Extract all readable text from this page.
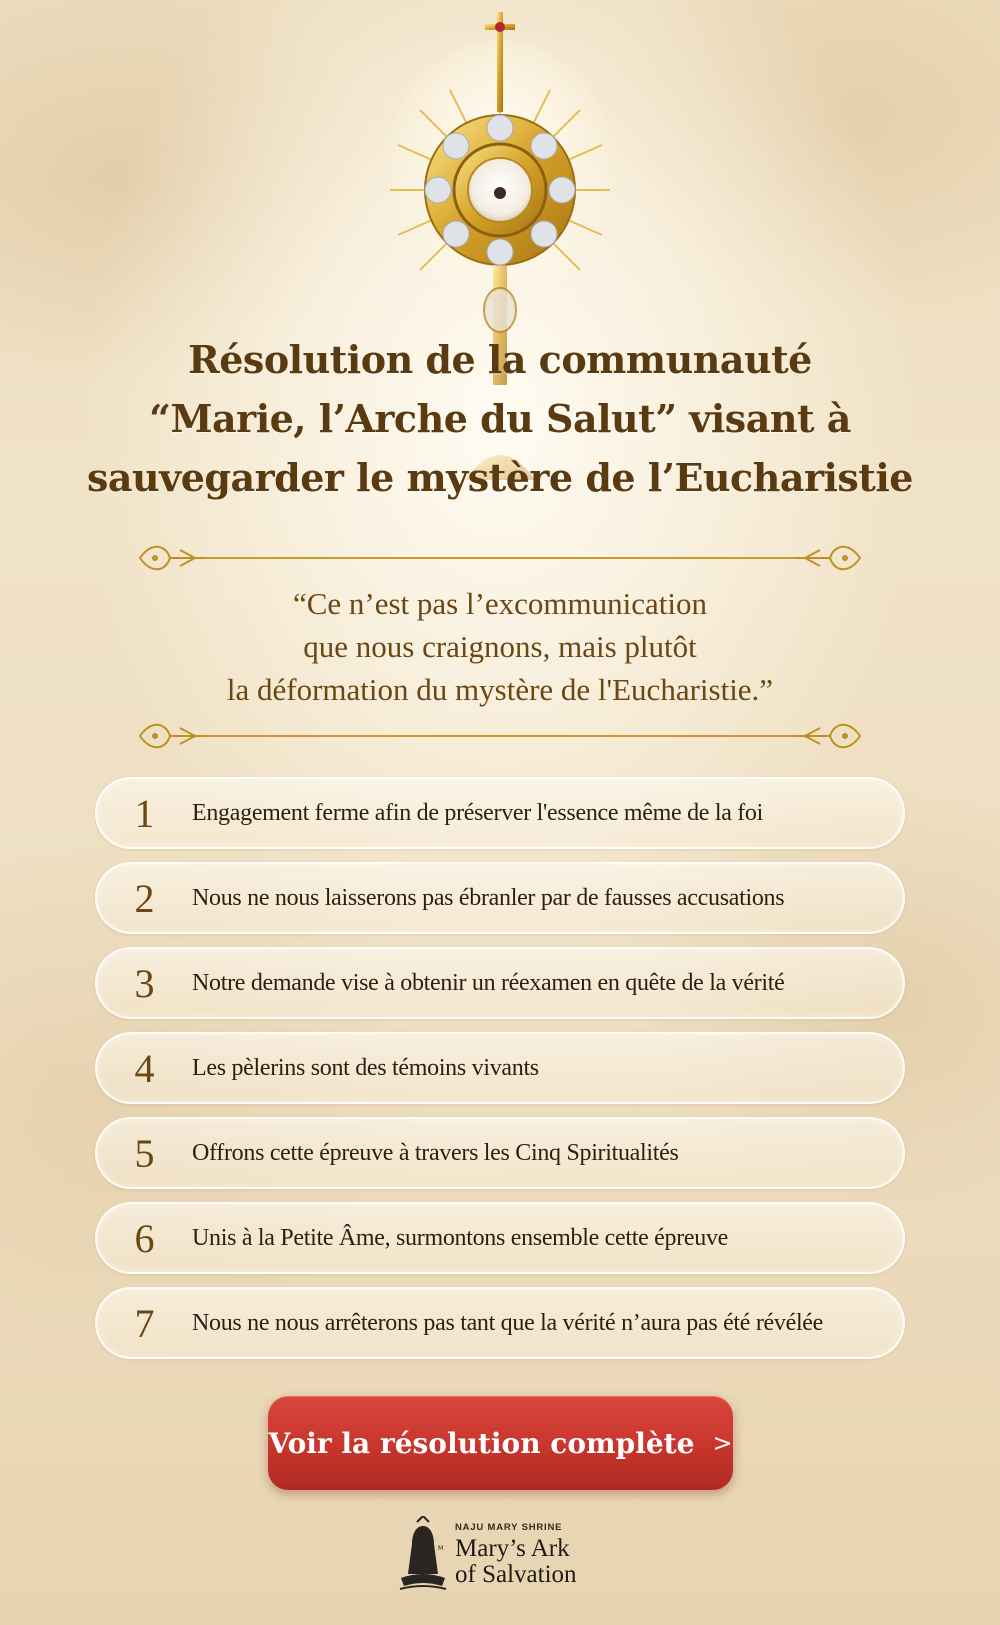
Résolution de la communauté
“Marie, l’Arche du Salut” visant à
sauvegarder le mystère de l’Eucharistie
“Ce n’est pas l’excommunication
que nous craignons, mais plutôt
la déformation du mystère de l'Eucharistie.”
1	Engagement ferme afin de préserver l'essence même de la foi
2	Nous ne nous laisserons pas ébranler par de fausses accusations
3	Notre demande vise à obtenir un réexamen en quête de la vérité
4	Les pèlerins sont des témoins vivants
5	Offrons cette épreuve à travers les Cinq Spiritualités
6	Unis à la Petite Âme, surmontons ensemble cette épreuve
7	Nous ne nous arrêterons pas tant que la vérité n’aura pas été révélée
Voir la résolution complète >
M
NAJU MARY SHRINE
Mary’s Ark
of Salvation
